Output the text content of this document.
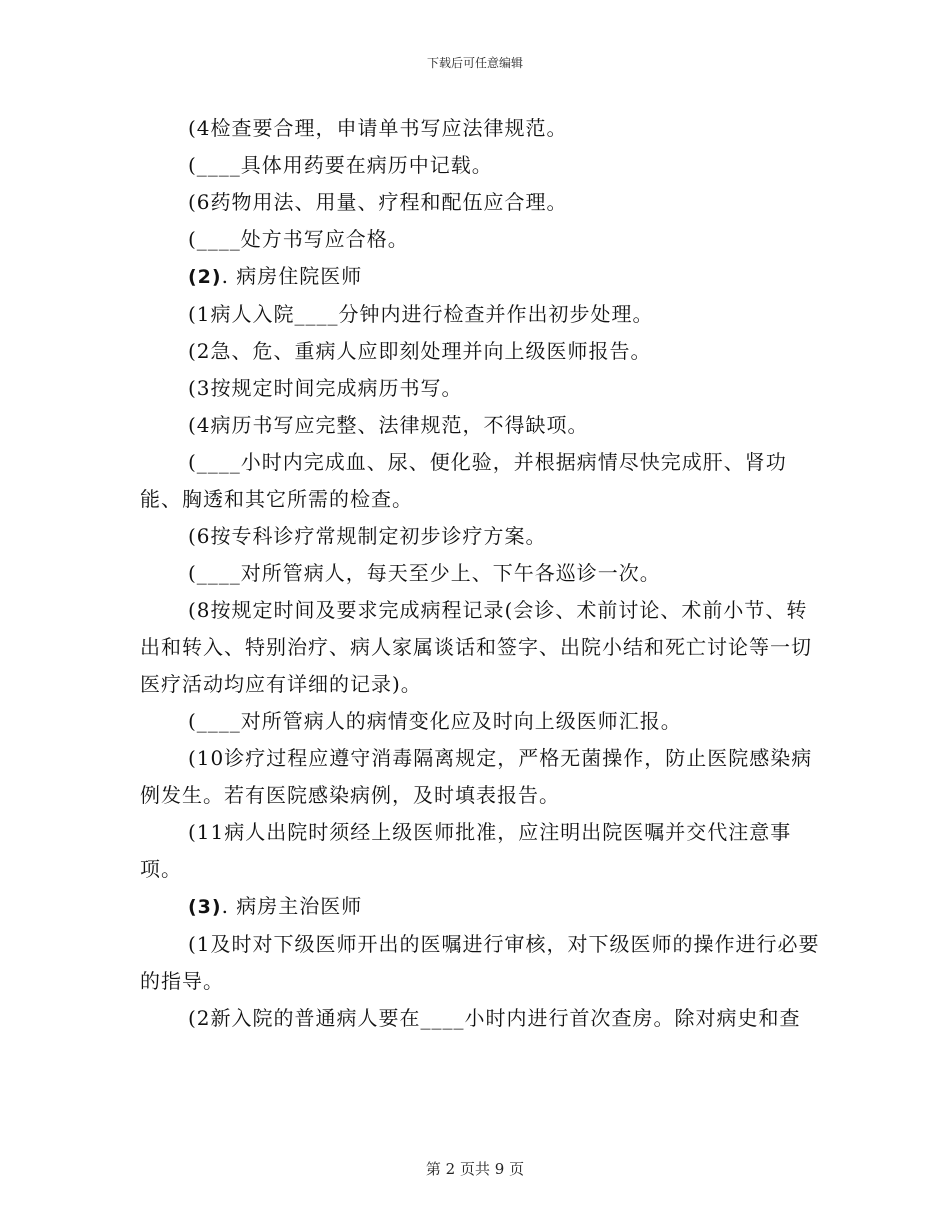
下载后可任意编辑

(4检查要合理，申请单书写应法律规范。

(____具体用药要在病历中记载。

(6药物用法、用量、疗程和配伍应合理。

(____处方书写应合格。

(2). 病房住院医师

(1病人入院____分钟内进行检查并作出初步处理。

(2急、危、重病人应即刻处理并向上级医师报告。

(3按规定时间完成病历书写。

(4病历书写应完整、法律规范，不得缺项。

(____小时内完成血、尿、便化验，并根据病情尽快完成肝、肾功能、胸透和其它所需的检查。

(6按专科诊疗常规制定初步诊疗方案。

(____对所管病人，每天至少上、下午各巡诊一次。

(8按规定时间及要求完成病程记录(会诊、术前讨论、术前小节、转出和转入、特别治疗、病人家属谈话和签字、出院小结和死亡讨论等一切医疗活动均应有详细的记录)。

(____对所管病人的病情变化应及时向上级医师汇报。

(10诊疗过程应遵守消毒隔离规定，严格无菌操作，防止医院感染病例发生。若有医院感染病例，及时填表报告。

(11病人出院时须经上级医师批准，应注明出院医嘱并交代注意事项。

(3). 病房主治医师

(1及时对下级医师开出的医嘱进行审核，对下级医师的操作进行必要的指导。

(2新入院的普通病人要在____小时内进行首次查房。除对病史和查

第 2 页共 9 页
